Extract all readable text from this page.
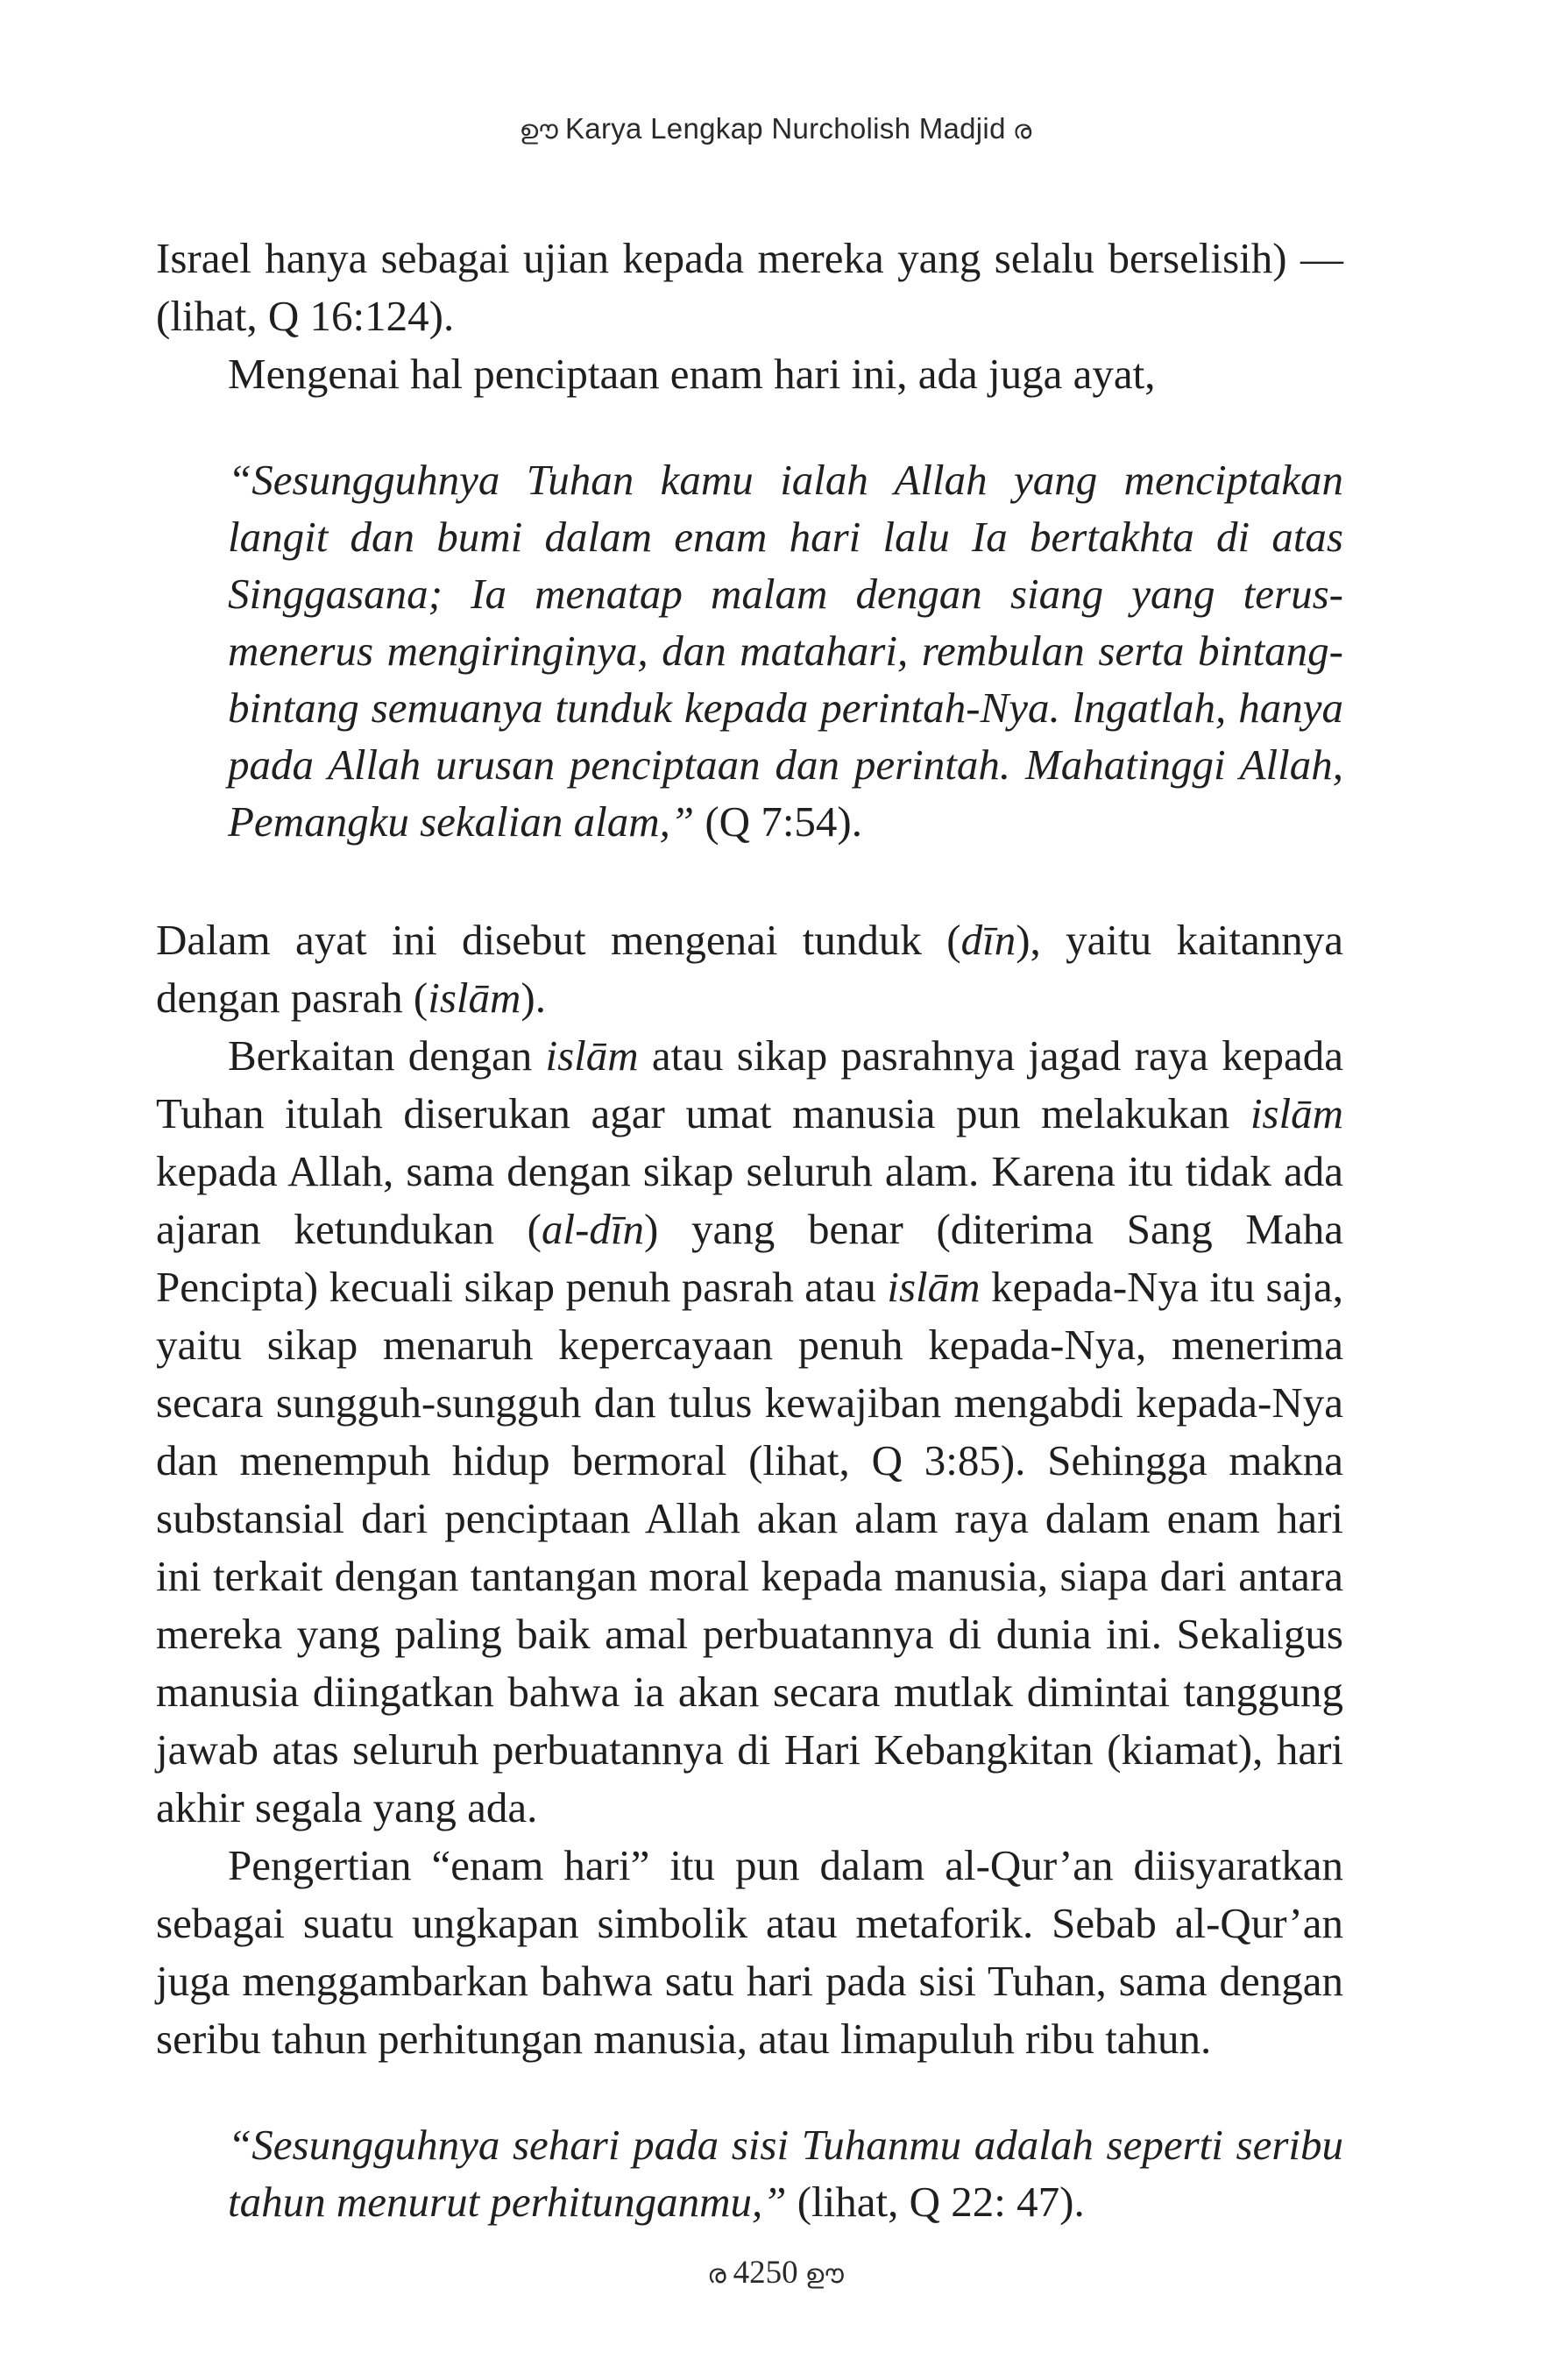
ഊ Karya Lengkap Nurcholish Madjid ര

Israel hanya sebagai ujian kepada mereka yang selalu berselisih) — (lihat, Q 16:124).

Mengenai hal penciptaan enam hari ini, ada juga ayat,

“Sesungguhnya Tuhan kamu ialah Allah yang menciptakan langit dan bumi dalam enam hari lalu Ia bertakhta di atas Singgasana; Ia menatap malam dengan siang yang terus-menerus mengiringinya, dan matahari, rembulan serta bintang-bintang semuanya tunduk kepada perintah-Nya. lngatlah, hanya pada Allah urusan penciptaan dan perintah. Mahatinggi Allah, Pemangku sekalian alam,” (Q 7:54).

Dalam ayat ini disebut mengenai tunduk (dīn), yaitu kaitannya dengan pasrah (islām).

Berkaitan dengan islām atau sikap pasrahnya jagad raya kepada Tuhan itulah diserukan agar umat manusia pun melakukan islām kepada Allah, sama dengan sikap seluruh alam. Karena itu tidak ada ajaran ketundukan (al-dīn) yang benar (diterima Sang Maha Pencipta) kecuali sikap penuh pasrah atau islām kepada-Nya itu saja, yaitu sikap menaruh kepercayaan penuh kepada-Nya, menerima secara sungguh-sungguh dan tulus kewajiban mengabdi kepada-Nya dan menempuh hidup bermoral (lihat, Q 3:85). Sehingga makna substansial dari penciptaan Allah akan alam raya dalam enam hari ini terkait dengan tantangan moral kepada manusia, siapa dari antara mereka yang paling baik amal perbuatannya di dunia ini. Sekaligus manusia diingatkan bahwa ia akan secara mutlak dimintai tanggung jawab atas seluruh perbuatannya di Hari Kebangkitan (kiamat), hari akhir segala yang ada.

Pengertian “enam hari” itu pun dalam al-Qur’an diisyaratkan sebagai suatu ungkapan simbolik atau metaforik. Sebab al-Qur’an juga menggambarkan bahwa satu hari pada sisi Tuhan, sama dengan seribu tahun perhitungan manusia, atau limapuluh ribu tahun.

“Sesungguhnya sehari pada sisi Tuhanmu adalah seperti seribu tahun menurut perhitunganmu,” (lihat, Q 22: 47).
ര 4250 ഊ
